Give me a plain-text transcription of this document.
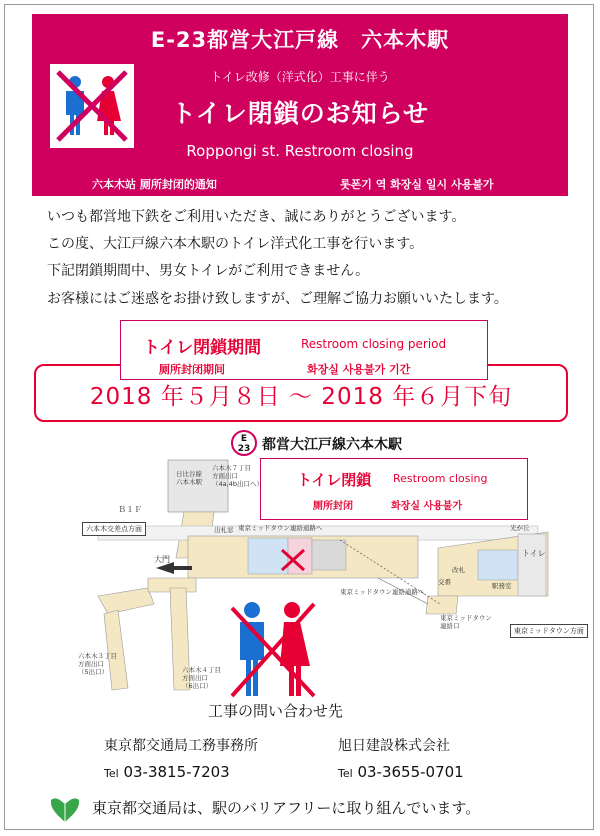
E-23都営大江戸線　六本木駅
トイレ改修（洋式化）工事に伴う
トイレ閉鎖のお知らせ
Roppongi st. Restroom closing
六本木站 厕所封闭的通知	롯폰기 역 화장실 일시 사용불가
いつも都営地下鉄をご利用いただき、誠にありがとうございます。
この度、大江戸線六本木駅のトイレ洋式化工事を行います。
下記閉鎖期間中、男女トイレがご利用できません。
お客様にはご迷惑をお掛け致しますが、ご理解ご協力お願いいたします。
2018 年５月８日 ～ 2018 年６月下旬
トイレ閉鎖期間	Restroom closing period
厕所封闭期间	화장실 사용불가 기간
E
23 都営大江戸線六本木駅
トイレ閉鎖 Restroom closing
厕所封闭	화장실 사용불가
日比谷線
六本木駅
六本木７丁目
方面出口
（4a,4b出口へ）
Ｂ１Ｆ
六本木交差点方面
大門
出札窓 東京ミッドタウン連絡通路へ
東京ミッドタウン連絡通路へ
東京ミッドタウン
連絡口
東京ミッドタウン方面
六本木３丁目
方面出口
（5出口）	六本木４丁目
方面出口
（6出口）
トイレ
駅務室
改札
交番
光が丘
工事の問い合わせ先
東京都交通局工務事務所	旭日建設株式会社
Tel 03-3815-7203	Tel 03-3655-0701
東京都交通局は、駅のバリアフリーに取り組んでいます。
